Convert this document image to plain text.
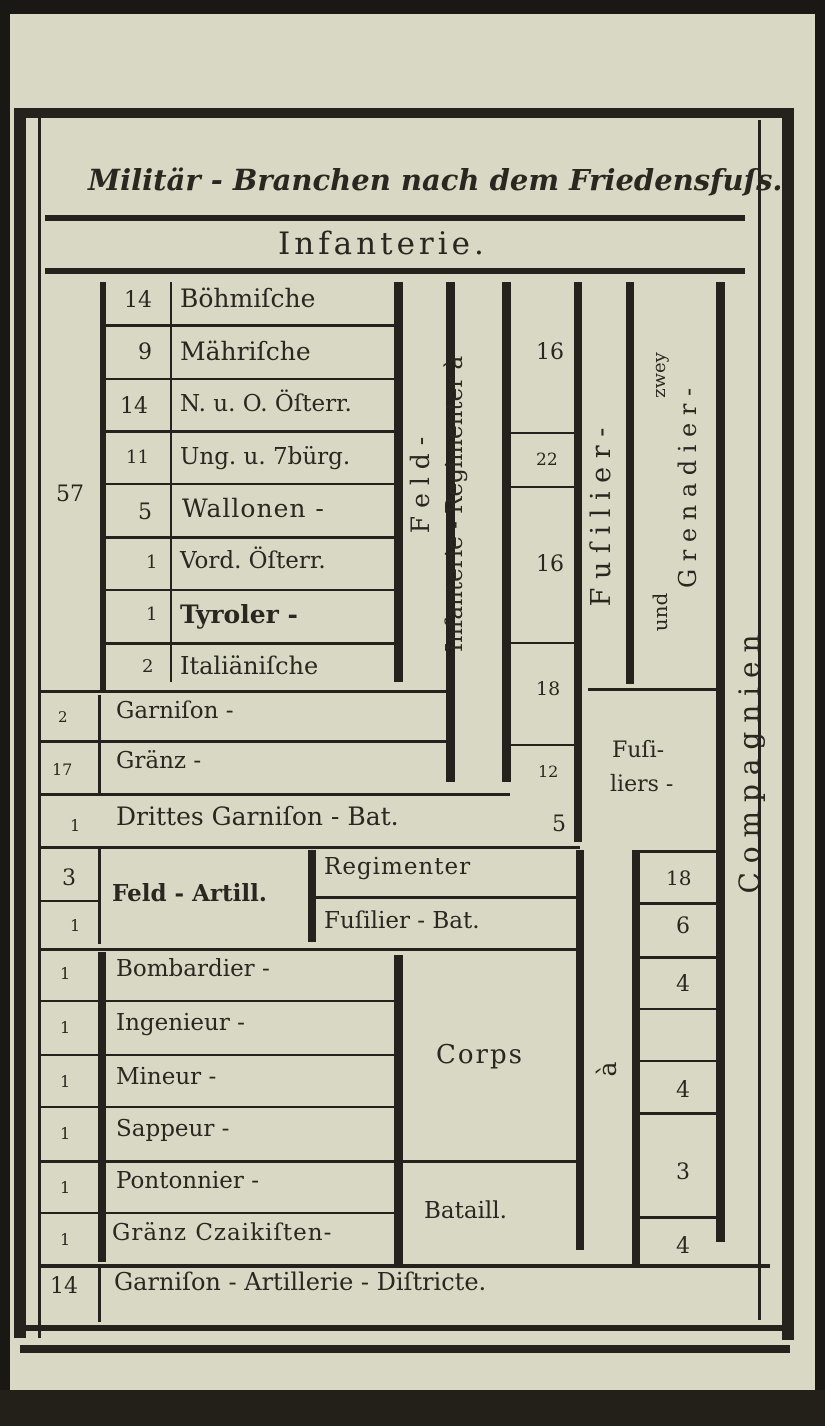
Militär - Branchen nach dem Friedensfuſs.
Infanterie.
57
14 Böhmiſche
9 Mähriſche
14 N. u. O. Öſterr.
11 Ung. u. 7bürg.
5 Wallonen -
1 Vord. Öſterr.
1 Tyroler -
2 Italiäniſche
2 Garniſon -
17 Gränz -
1 Drittes Garniſon - Bat.
F e l d - Infanterie - Regimenter à
16
22
16
18
12
5
F u ſ i l i e r -
zwey
und
G r e n a d i e r -
C o m p a g n i e n
Fuſi-
liers -
3
1
Feld - Artill.
Regimenter
Fuſilier - Bat.
à
18
6
4
4
3
4
1 Bombardier -
1 Ingenieur -
1 Mineur -
1 Sappeur -
1 Pontonnier -
1 Gränz Czaikiſten-
Corps
Bataill.
14 Garniſon - Artillerie - Diſtricte.
